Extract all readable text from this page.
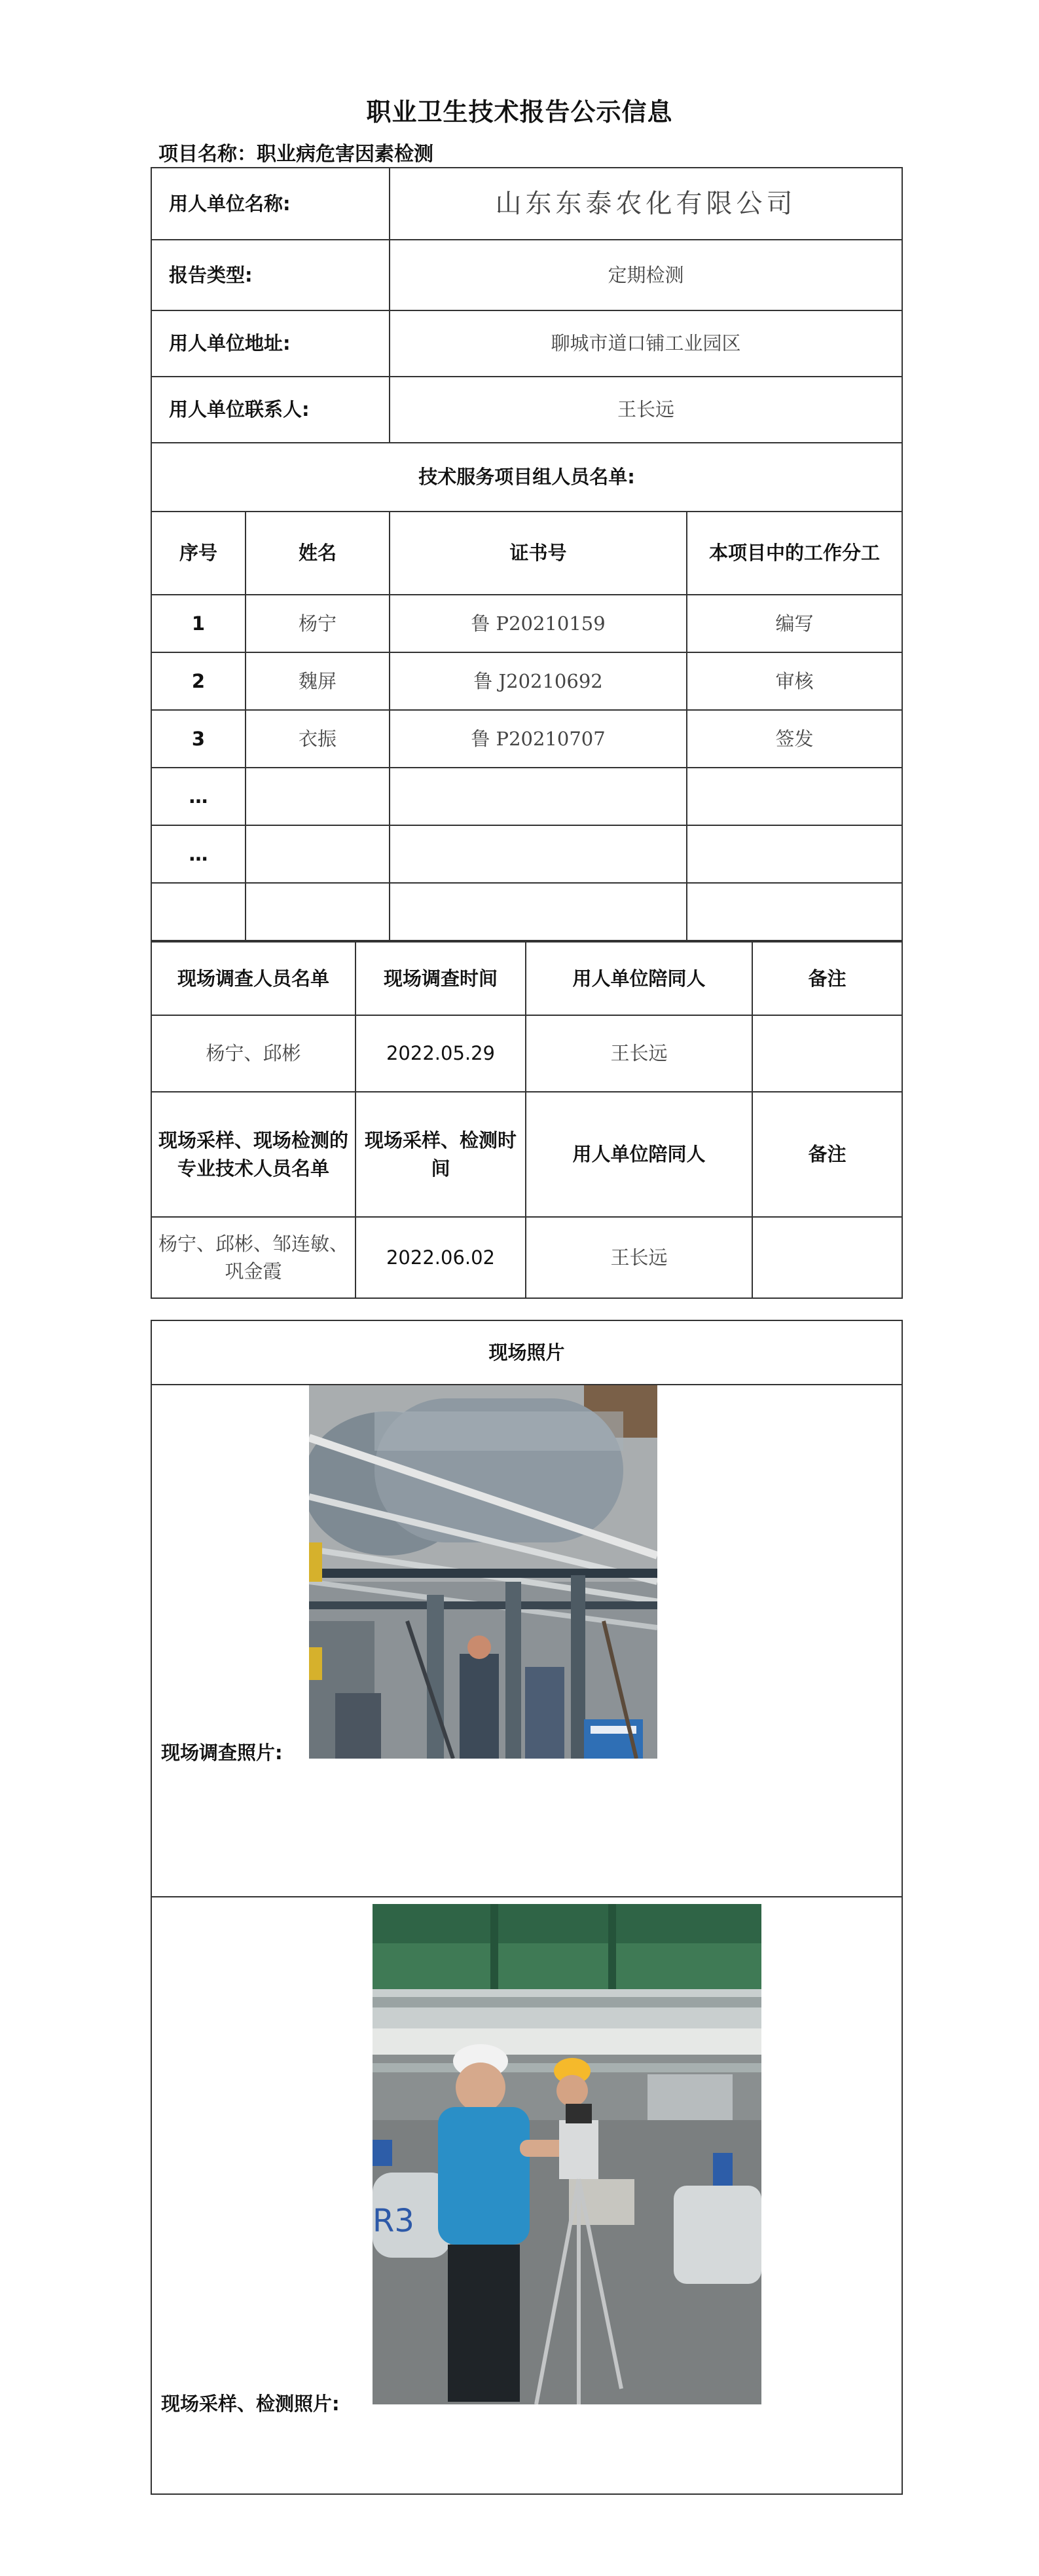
职业卫生技术报告公示信息
项目名称：职业病危害因素检测
用人单位名称:		山东东泰农化有限公司	
报告类型:		定期检测	
用人单位地址:		聊城市道口铺工业园区	
用人单位联系人:		王长远	
技术服务项目组人员名单:			
序号	姓名	证书号	本项目中的工作分工
1	杨宁	鲁 P20210159	编写
2	魏屏	鲁 J20210692	审核
3	衣振	鲁 P20210707	签发
…			
…			

现场调查人员名单	现场调查时间	用人单位陪同人	备注
杨宁、邱彬	2022.05.29	王长远	
现场采样、现场检测的专业技术人员名单	现场采样、检测时间	用人单位陪同人	备注
杨宁、邱彬、邹连敏、巩金霞	2022.06.02	王长远	
现场照片

现场调查照片:

现场采样、检测照片:
R3
